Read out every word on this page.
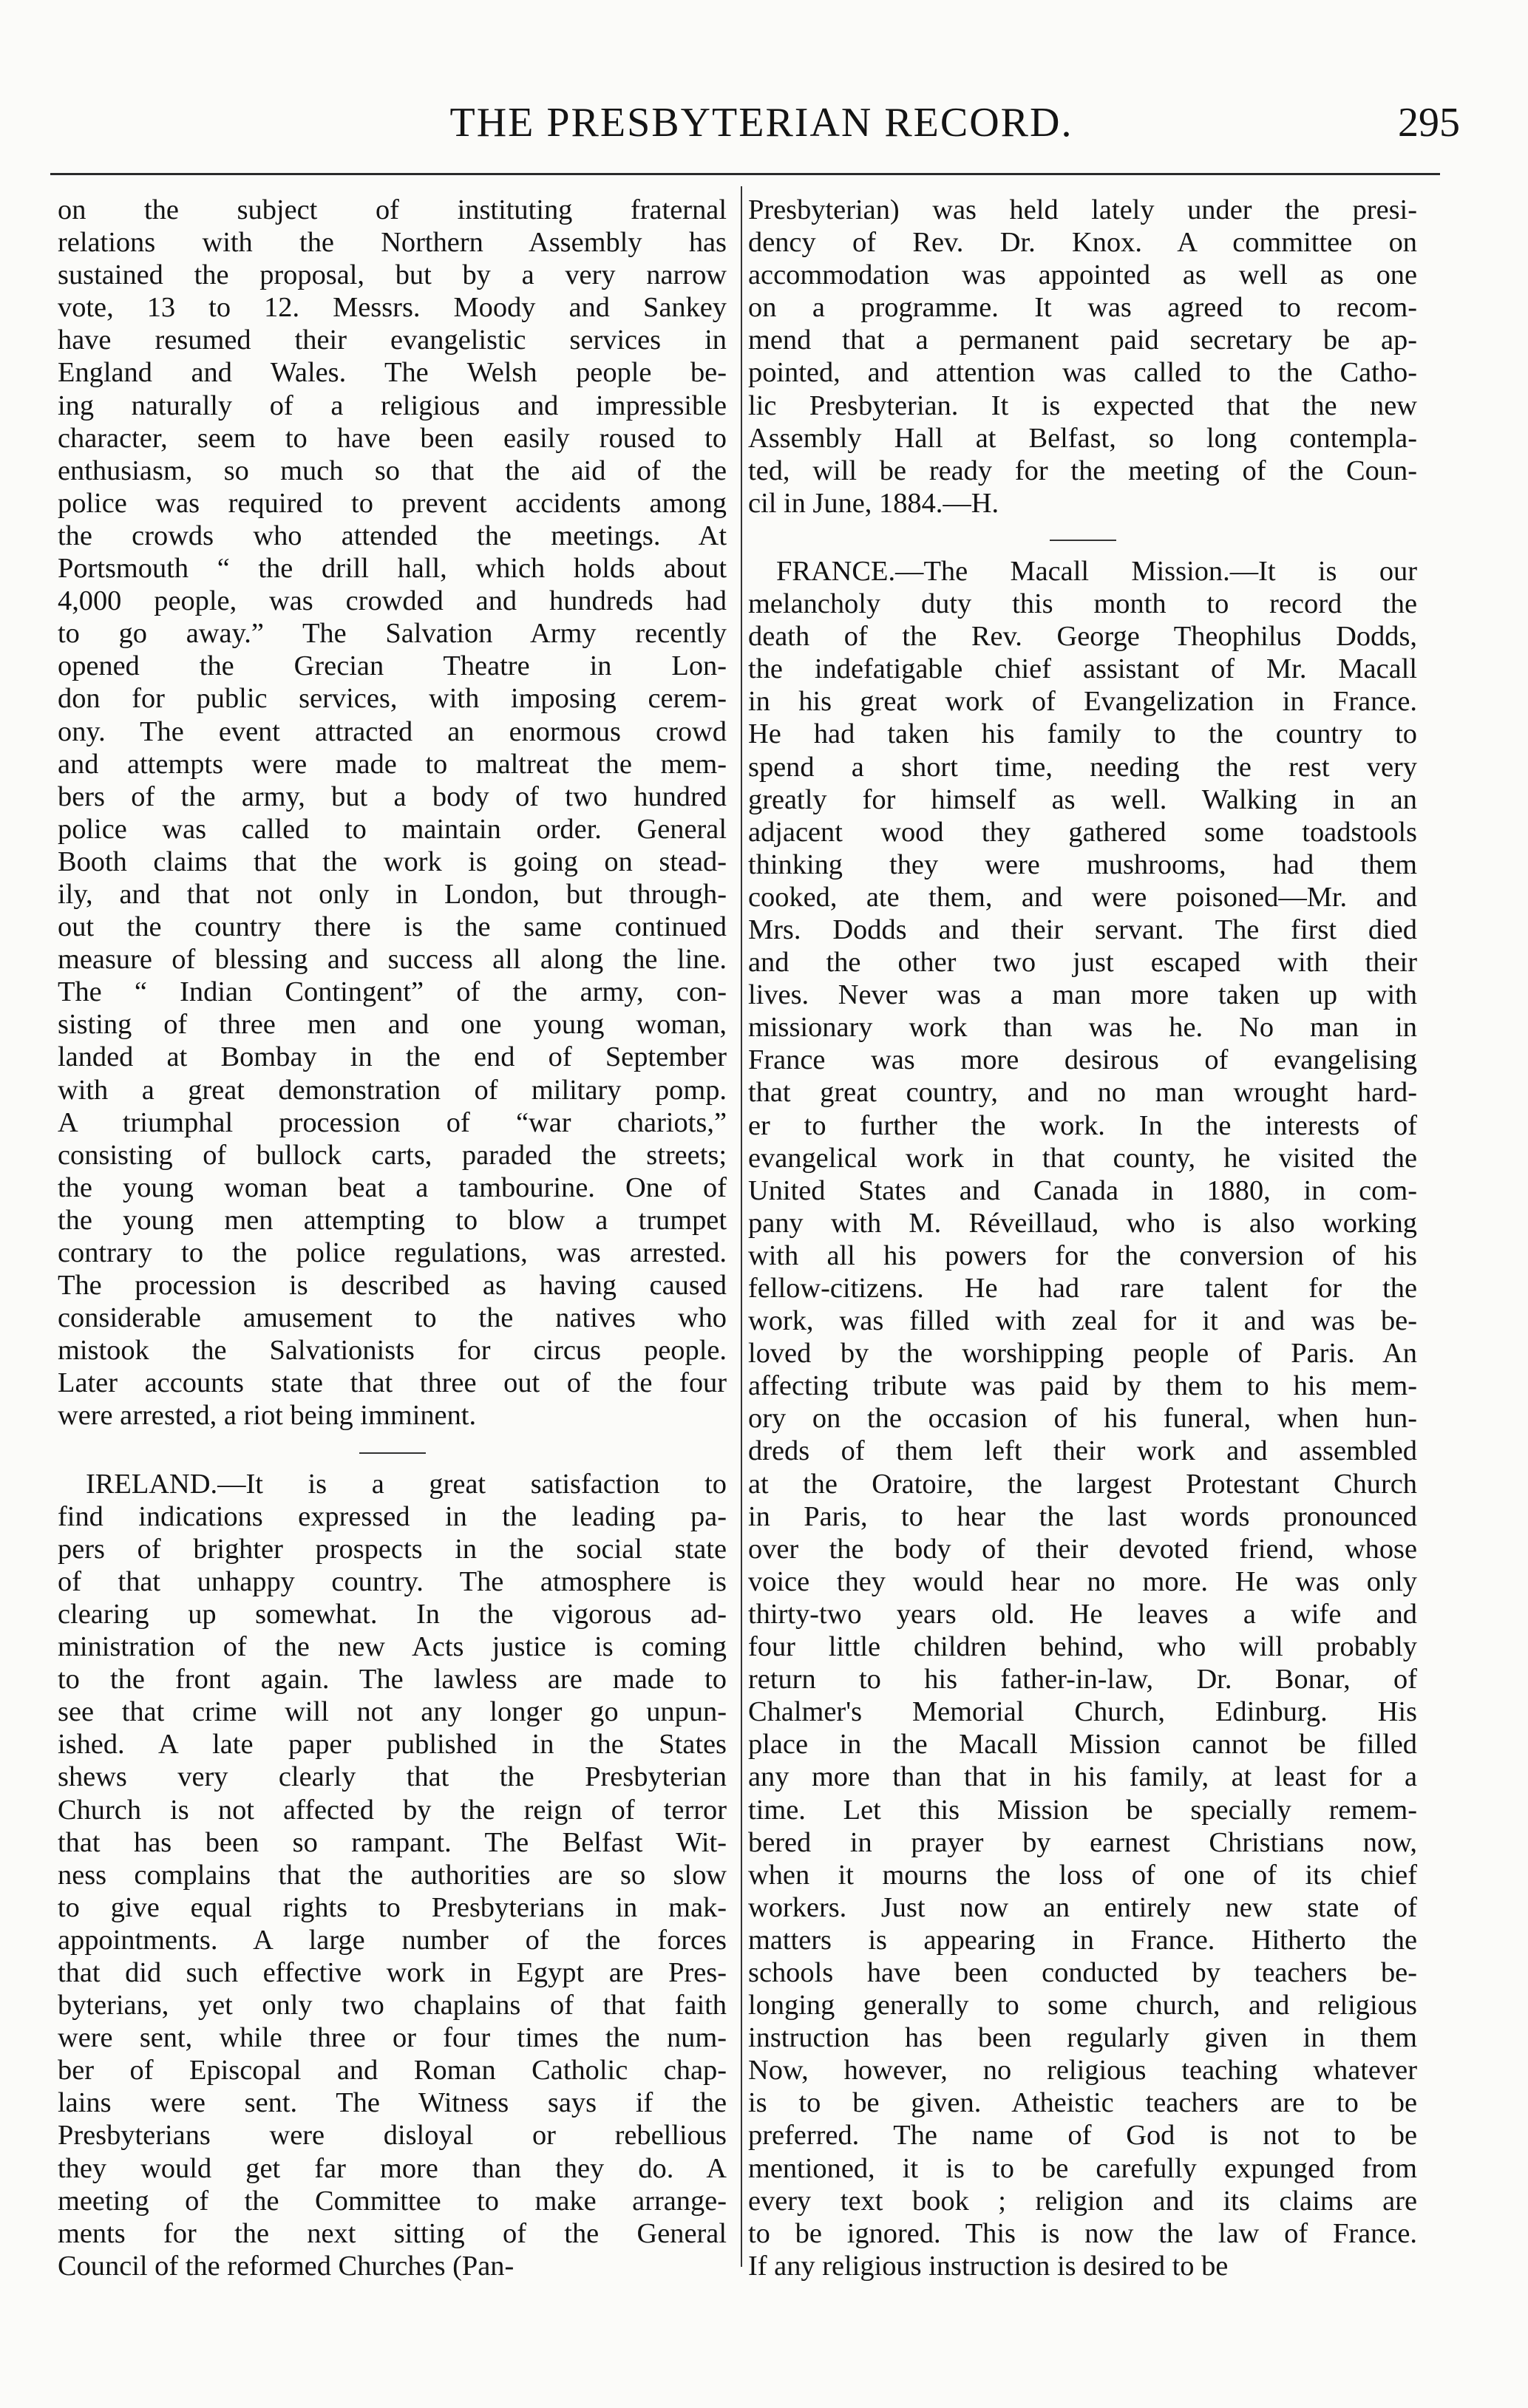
THE PRESBYTERIAN RECORD.	295
on the subject of instituting fraternal
relations with the Northern Assembly has
sustained the proposal, but by a very narrow
vote, 13 to 12. Messrs. Moody and Sankey
have resumed their evangelistic services in
England and Wales. The Welsh people be-
ing naturally of a religious and impressible
character, seem to have been easily roused to
enthusiasm, so much so that the aid of the
police was required to prevent accidents among
the crowds who attended the meetings. At
Portsmouth “ the drill hall, which holds about
4,000 people, was crowded and hundreds had
to go away.” The Salvation Army recently
opened the Grecian Theatre in Lon-
don for public services, with imposing cerem-
ony. The event attracted an enormous crowd
and attempts were made to maltreat the mem-
bers of the army, but a body of two hundred
police was called to maintain order. General
Booth claims that the work is going on stead-
ily, and that not only in London, but through-
out the country there is the same continued
measure of blessing and success all along the line.
The “ Indian Contingent” of the army, con-
sisting of three men and one young woman,
landed at Bombay in the end of September
with a great demonstration of military pomp.
A triumphal procession of “war chariots,”
consisting of bullock carts, paraded the streets;
the young woman beat a tambourine. One of
the young men attempting to blow a trumpet
contrary to the police regulations, was arrested.
The procession is described as having caused
considerable amusement to the natives who
mistook the Salvationists for circus people.
Later accounts state that three out of the four
were arrested, a riot being imminent.
IRELAND.—It is a great satisfaction to
find indications expressed in the leading pa-
pers of brighter prospects in the social state
of that unhappy country. The atmosphere is
clearing up somewhat. In the vigorous ad-
ministration of the new Acts justice is coming
to the front again. The lawless are made to
see that crime will not any longer go unpun-
ished. A late paper published in the States
shews very clearly that the Presbyterian
Church is not affected by the reign of terror
that has been so rampant. The Belfast Wit-
ness complains that the authorities are so slow
to give equal rights to Presbyterians in mak-
appointments. A large number of the forces
that did such effective work in Egypt are Pres-
byterians, yet only two chaplains of that faith
were sent, while three or four times the num-
ber of Episcopal and Roman Catholic chap-
lains were sent. The Witness says if the
Presbyterians were disloyal or rebellious
they would get far more than they do. A
meeting of the Committee to make arrange-
ments for the next sitting of the General
Council of the reformed Churches (Pan-
Presbyterian) was held lately under the presi-
dency of Rev. Dr. Knox. A committee on
accommodation was appointed as well as one
on a programme. It was agreed to recom-
mend that a permanent paid secretary be ap-
pointed, and attention was called to the Catho-
lic Presbyterian. It is expected that the new
Assembly Hall at Belfast, so long contempla-
ted, will be ready for the meeting of the Coun-
cil in June, 1884.—H.
FRANCE.—The Macall Mission.—It is our
melancholy duty this month to record the
death of the Rev. George Theophilus Dodds,
the indefatigable chief assistant of Mr. Macall
in his great work of Evangelization in France.
He had taken his family to the country to
spend a short time, needing the rest very
greatly for himself as well. Walking in an
adjacent wood they gathered some toadstools
thinking they were mushrooms, had them
cooked, ate them, and were poisoned—Mr. and
Mrs. Dodds and their servant. The first died
and the other two just escaped with their
lives. Never was a man more taken up with
missionary work than was he. No man in
France was more desirous of evangelising
that great country, and no man wrought hard-
er to further the work. In the interests of
evangelical work in that county, he visited the
United States and Canada in 1880, in com-
pany with M. Réveillaud, who is also working
with all his powers for the conversion of his
fellow-citizens. He had rare talent for the
work, was filled with zeal for it and was be-
loved by the worshipping people of Paris. An
affecting tribute was paid by them to his mem-
ory on the occasion of his funeral, when hun-
dreds of them left their work and assembled
at the Oratoire, the largest Protestant Church
in Paris, to hear the last words pronounced
over the body of their devoted friend, whose
voice they would hear no more. He was only
thirty-two years old. He leaves a wife and
four little children behind, who will probably
return to his father-in-law, Dr. Bonar, of
Chalmer's Memorial Church, Edinburg. His
place in the Macall Mission cannot be filled
any more than that in his family, at least for a
time. Let this Mission be specially remem-
bered in prayer by earnest Christians now,
when it mourns the loss of one of its chief
workers. Just now an entirely new state of
matters is appearing in France. Hitherto the
schools have been conducted by teachers be-
longing generally to some church, and religious
instruction has been regularly given in them
Now, however, no religious teaching whatever
is to be given. Atheistic teachers are to be
preferred. The name of God is not to be
mentioned, it is to be carefully expunged from
every text book ; religion and its claims are
to be ignored. This is now the law of France.
If any religious instruction is desired to be
